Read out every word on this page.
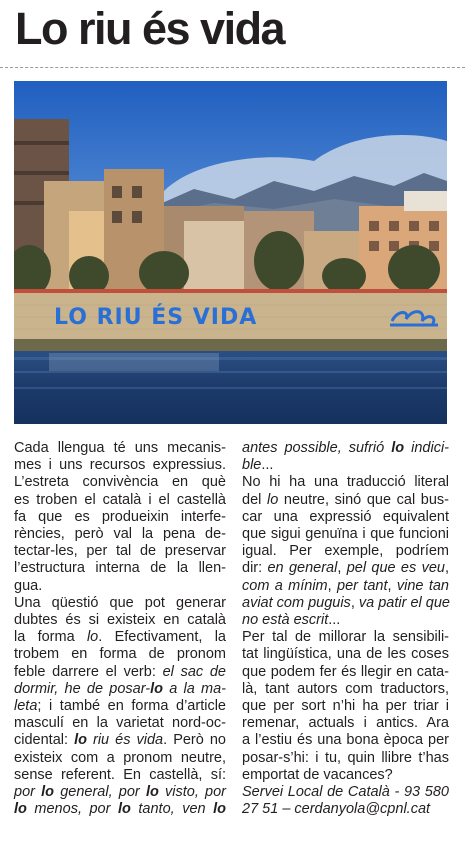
Lo riu és vida
LO RIU ÉS VIDA
Cada llengua té uns mecanis-
mes i uns recursos expressius.
L’estreta convivència en què
es troben el català i el castellà
fa que es produeixin interfe-
rències, però val la pena de-
tectar-les, per tal de preservar
l’estructura interna de la llen-
gua.
Una qüestió que pot generar
dubtes és si existeix en català
la forma lo. Efectivament, la
trobem en forma de pronom
feble darrere el verb: el sac de
dormir, he de posar-lo a la ma-
leta; i també en forma d’article
masculí en la varietat nord-oc-
cidental: lo riu és vida. Però no
existeix com a pronom neutre,
sense referent. En castellà, sí:
por lo general, por lo visto, por
lo menos, por lo tanto, ven lo
antes possible, sufrió lo indici-
ble...
No hi ha una traducció literal
del lo neutre, sinó que cal bus-
car una expressió equivalent
que sigui genuïna i que funcioni
igual. Per exemple, podríem
dir: en general, pel que es veu,
com a mínim, per tant, vine tan
aviat com puguis, va patir el que
no està escrit...
Per tal de millorar la sensibili-
tat lingüística, una de les coses
que podem fer és llegir en cata-
là, tant autors com traductors,
que per sort n’hi ha per triar i
remenar, actuals i antics. Ara
a l’estiu és una bona època per
posar-s’hi: i tu, quin llibre t’has
emportat de vacances?
Servei Local de Català - 93 580
27 51 – cerdanyola@cpnl.cat
